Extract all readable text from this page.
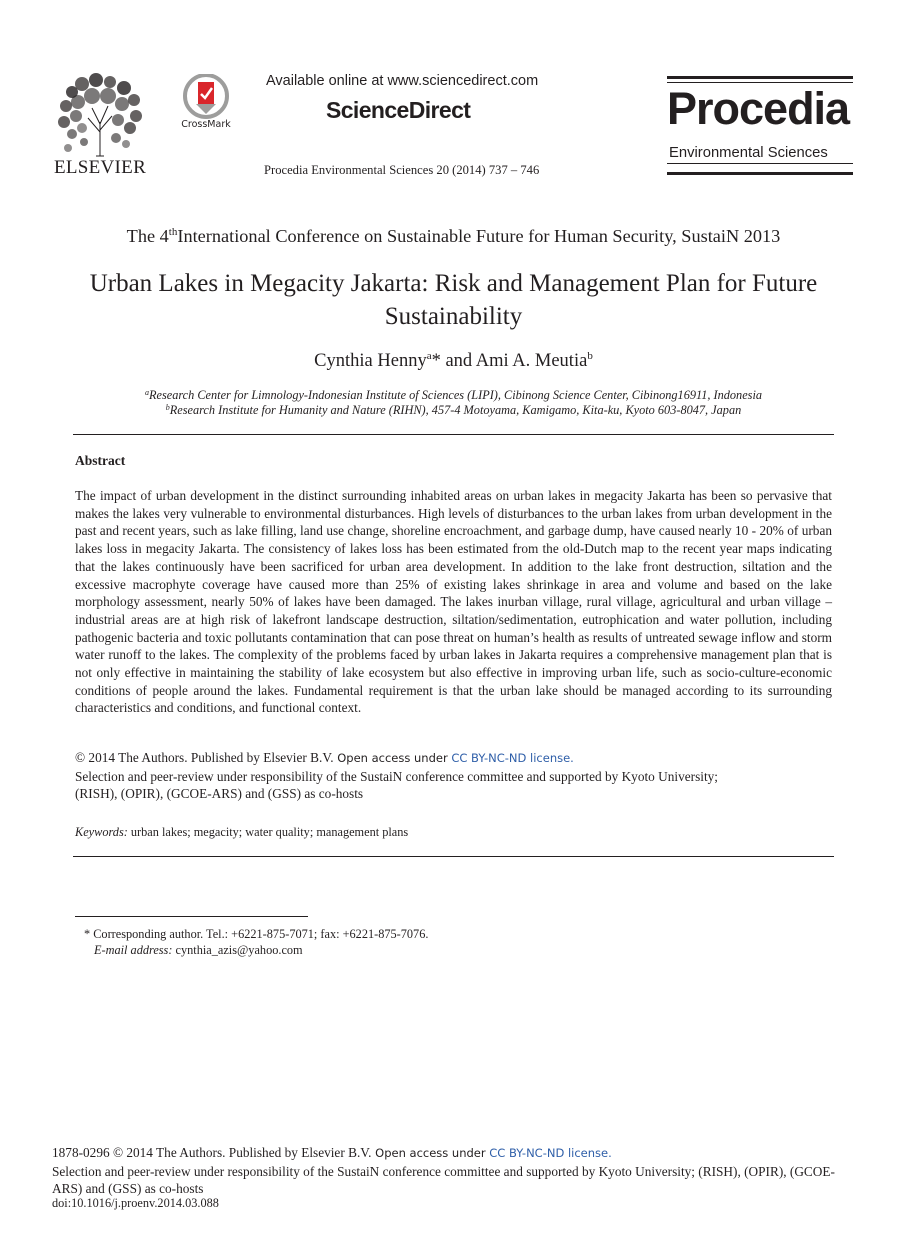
ELSEVIER
CrossMark
Available online at www.sciencedirect.com
ScienceDirect
Procedia Environmental Sciences 20 (2014) 737 – 746
Procedia
Environmental Sciences
The 4thInternational Conference on Sustainable Future for Human Security, SustaiN 2013
Urban Lakes in Megacity Jakarta: Risk and Management Plan for Future Sustainability
Cynthia Henny$^a$* and Ami A. Meutia$^b$
$^a$Research Center for Limnology-Indonesian Institute of Sciences (LIPI), Cibinong Science Center, Cibinong16911, Indonesia
$^b$Research Institute for Humanity and Nature (RIHN), 457-4 Motoyama, Kamigamo, Kita-ku, Kyoto 603-8047, Japan
Abstract
The impact of urban development in the distinct surrounding inhabited areas on urban lakes in megacity Jakarta has been so pervasive that makes the lakes very vulnerable to environmental disturbances. High levels of disturbances to the urban lakes from urban development in the past and recent years, such as lake filling, land use change, shoreline encroachment, and garbage dump, have caused nearly 10 - 20% of urban lakes loss in megacity Jakarta. The consistency of lakes loss has been estimated from the old-Dutch map to the recent year maps indicating that the lakes continuously have been sacrificed for urban area development. In addition to the lake front destruction, siltation and the excessive macrophyte coverage have caused more than 25% of existing lakes shrinkage in area and volume and based on the lake morphology assessment, nearly 50% of lakes have been damaged. The lakes inurban village, rural village, agricultural and urban village – industrial areas are at high risk of lakefront landscape destruction, siltation/sedimentation, eutrophication and water pollution, including pathogenic bacteria and toxic pollutants contamination that can pose threat on human’s health as results of untreated sewage inflow and storm water runoff to the lakes. The complexity of the problems faced by urban lakes in Jakarta requires a comprehensive management plan that is not only effective in maintaining the stability of lake ecosystem but also effective in improving urban life, such as socio-culture-economic conditions of people around the lakes. Fundamental requirement is that the urban lake should be managed according to its surrounding characteristics and conditions, and functional context.
© 2014 The Authors. Published by Elsevier B.V. Open access under CC BY-NC-ND license.
Selection and peer-review under responsibility of the SustaiN conference committee and supported by Kyoto University;
(RISH), (OPIR), (GCOE-ARS) and (GSS) as co-hosts
Keywords: urban lakes; megacity; water quality; management plans
* Corresponding author. Tel.: +6221-875-7071; fax: +6221-875-7076.
E-mail address: cynthia_azis@yahoo.com
1878-0296 © 2014 The Authors. Published by Elsevier B.V. Open access under CC BY-NC-ND license.
Selection and peer-review under responsibility of the SustaiN conference committee and supported by Kyoto University; (RISH), (OPIR), (GCOE-ARS) and (GSS) as co-hosts
doi:10.1016/j.proenv.2014.03.088
